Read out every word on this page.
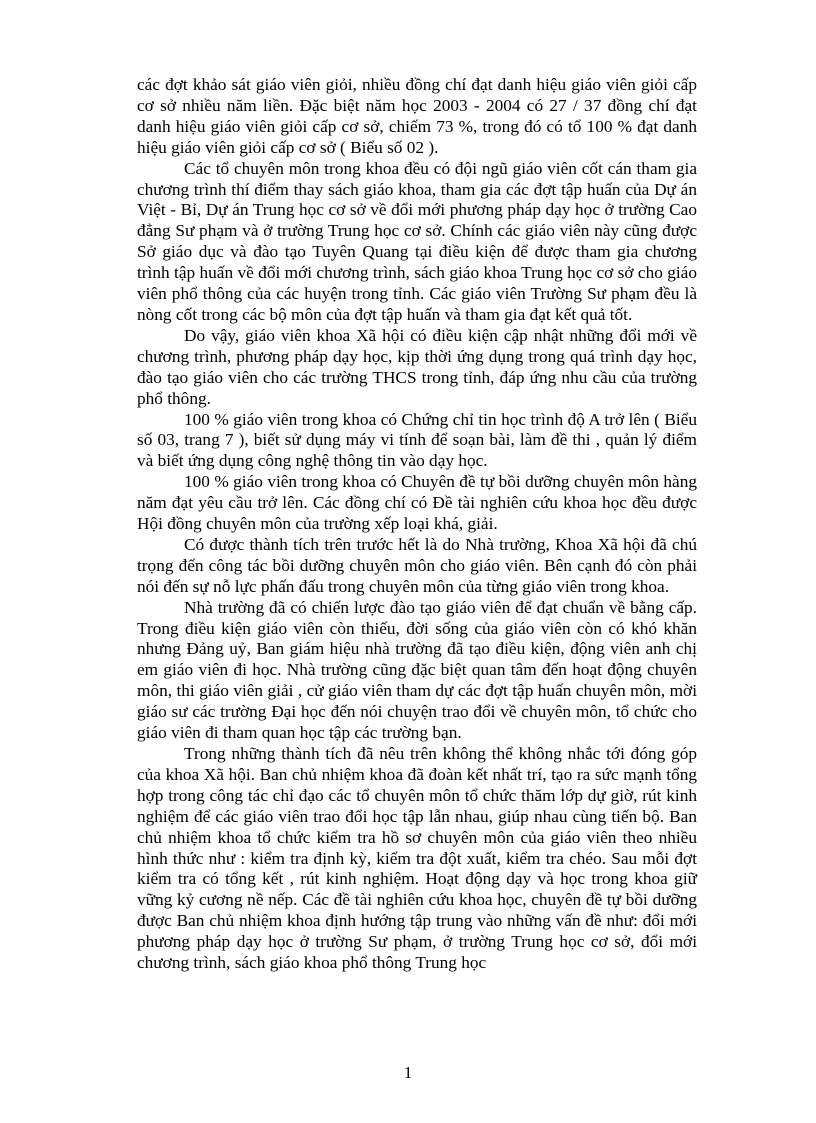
các đợt khảo sát giáo viên giỏi, nhiều đồng chí đạt danh hiệu giáo viên giỏi cấp cơ sở nhiều năm liền. Đặc biệt năm học 2003 - 2004 có 27 / 37 đồng chí đạt danh hiệu giáo viên giỏi cấp cơ sở, chiếm 73 %, trong đó có tổ 100 % đạt danh hiệu giáo viên giỏi cấp cơ sở ( Biểu số 02 ).

Các tổ chuyên môn trong khoa đều có đội ngũ giáo viên cốt cán tham gia chương trình thí điểm thay sách giáo khoa, tham gia các đợt tập huấn của Dự án Việt - Bỉ, Dự án Trung học cơ sở về đổi mới phương pháp dạy học ở trường Cao đẳng Sư phạm và ở trường Trung học cơ sở. Chính các giáo viên này cũng được Sở giáo dục và đào tạo Tuyên Quang tại điều kiện để được tham gia chương trình tập huấn về đổi mới chương trình, sách giáo khoa Trung học cơ sở cho giáo viên phổ thông của các huyện trong tỉnh. Các giáo viên Trường Sư phạm đều là nòng cốt trong các bộ môn của đợt tập huấn và tham gia đạt kết quả tốt.

Do vậy, giáo viên khoa Xã hội có điều kiện cập nhật những đổi mới về chương trình, phương pháp dạy học, kịp thời ứng dụng trong quá trình dạy học, đào tạo giáo viên cho các trường THCS trong tỉnh, đáp ứng nhu cầu của trường phổ thông.

100 % giáo viên trong khoa có Chứng chỉ tin học trình độ A trở lên ( Biểu số 03, trang 7 ), biết sử dụng máy vi tính để soạn bài, làm đề thi , quản lý điểm và biết ứng dụng công nghệ thông tin vào dạy học.

100 % giáo viên trong khoa có Chuyên đề tự bồi dưỡng chuyên môn hàng năm đạt yêu cầu trở lên. Các đồng chí có Đề tài nghiên cứu khoa học đều được Hội đồng chuyên môn của trường xếp loại khá, giải.

Có được thành tích trên trước hết là do Nhà trường, Khoa Xã hội đã chú trọng đến công tác bồi dưỡng chuyên môn cho giáo viên. Bên cạnh đó còn phải nói đến sự nỗ lực phấn đấu trong chuyên môn của từng giáo viên trong khoa.

Nhà trường đã có chiến lược đào tạo giáo viên để đạt chuẩn về bằng cấp. Trong điều kiện giáo viên còn thiếu, đời sống của giáo viên còn có khó khăn nhưng Đảng uỷ, Ban giám hiệu nhà trường đã tạo điều kiện, động viên anh chị em giáo viên đi học. Nhà trường cũng đặc biệt quan tâm đến hoạt động chuyên môn, thi giáo viên giải , cử giáo viên tham dự các đợt tập huấn chuyên môn, mời giáo sư các trường Đại học đến nói chuyện trao đổi về chuyên môn, tổ chức cho giáo viên đi tham quan học tập các trường bạn.

Trong những thành tích đã nêu trên không thể không nhắc tới đóng góp của khoa Xã hội. Ban chủ nhiệm khoa đã đoàn kết nhất trí, tạo ra sức mạnh tổng hợp trong công tác chỉ đạo các tổ chuyên môn tổ chức thăm lớp dự giờ, rút kinh nghiệm để các giáo viên trao đổi học tập lẫn nhau, giúp nhau cùng tiến bộ. Ban chủ nhiệm khoa tổ chức kiểm tra hồ sơ chuyên môn của giáo viên theo nhiều hình thức như : kiểm tra định kỳ, kiểm tra đột xuất, kiểm tra chéo. Sau mỗi đợt kiểm tra có tổng kết , rút kinh nghiệm. Hoạt động dạy và học trong khoa giữ vững kỷ cương nề nếp. Các đề tài nghiên cứu khoa học, chuyên đề tự bồi dưỡng được Ban chủ nhiệm khoa định hướng tập trung vào những vấn đề như: đổi mới phương pháp dạy học ở trường Sư phạm, ở trường Trung học cơ sở, đổi mới chương trình, sách giáo khoa phổ thông Trung học

1
